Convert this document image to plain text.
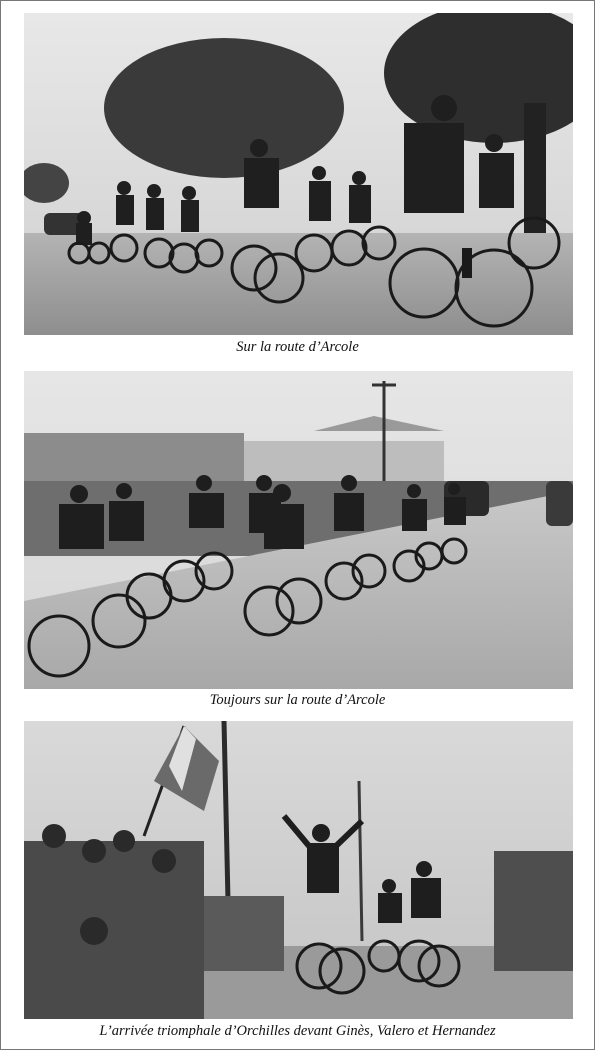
Sur la route d’Arcole
Toujours sur la route d’Arcole
L’arrivée triomphale d’Orchilles devant Ginès, Valero et Hernandez
